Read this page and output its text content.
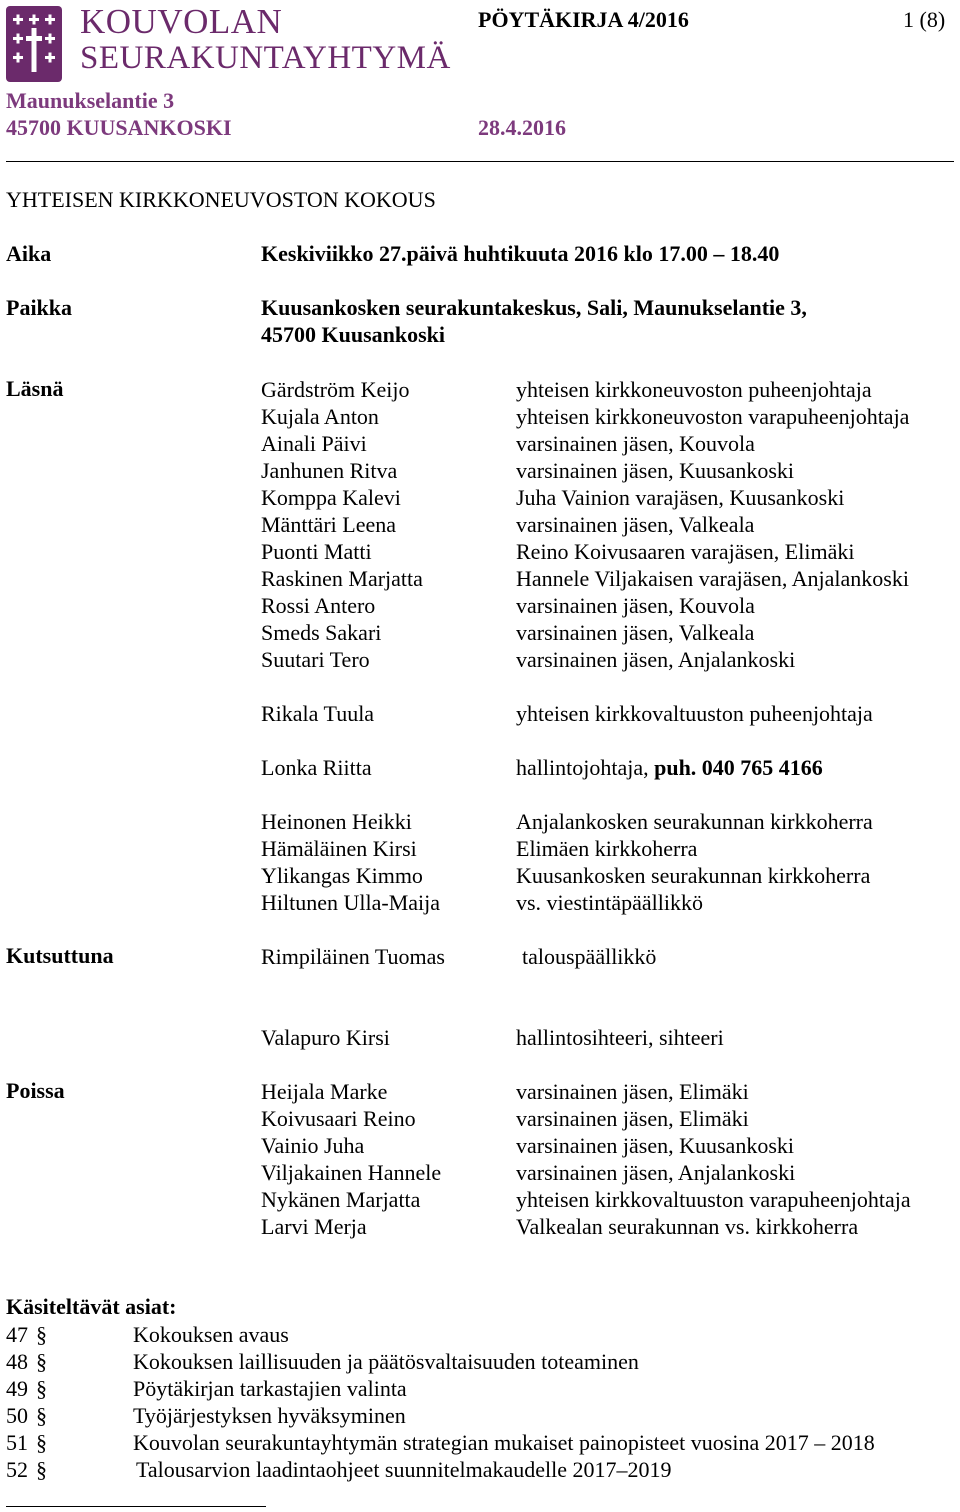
KOUVOLAN
SEURAKUNTAYHTYMÄ
PÖYTÄKIRJA 4/2016	1 (8)
Maunukselantie 3
45700 KUUSANKOSKI	28.4.2016
YHTEISEN KIRKKONEUVOSTON KOKOUS
Aika	Keskiviikko 27.päivä huhtikuuta 2016 klo 17.00 – 18.40
Paikka	Kuusankosken seurakuntakeskus, Sali, Maunukselantie 3,
45700 Kuusankoski
Läsnä	Gärdström Keijo	yhteisen kirkkoneuvoston puheenjohtaja
Kujala Anton	yhteisen kirkkoneuvoston varapuheenjohtaja
Ainali Päivi	varsinainen jäsen, Kouvola
Janhunen Ritva	varsinainen jäsen, Kuusankoski
Komppa Kalevi	Juha Vainion varajäsen, Kuusankoski
Mänttäri Leena	varsinainen jäsen, Valkeala
Puonti Matti	Reino Koivusaaren varajäsen, Elimäki
Raskinen Marjatta	Hannele Viljakaisen varajäsen, Anjalankoski
Rossi Antero	varsinainen jäsen, Kouvola
Smeds Sakari	varsinainen jäsen, Valkeala
Suutari Tero	varsinainen jäsen, Anjalankoski
Rikala Tuula	yhteisen kirkkovaltuuston puheenjohtaja
Lonka Riitta	hallintojohtaja, puh. 040 765 4166
Heinonen Heikki	Anjalankosken seurakunnan kirkkoherra
Hämäläinen Kirsi	Elimäen kirkkoherra
Ylikangas Kimmo	Kuusankosken seurakunnan kirkkoherra
Hiltunen Ulla-Maija	vs. viestintäpäällikkö
Kutsuttuna	Rimpiläinen Tuomas	talouspäällikkö
Valapuro Kirsi	hallintosihteeri, sihteeri
Poissa	Heijala Marke	varsinainen jäsen, Elimäki
Koivusaari Reino	varsinainen jäsen, Elimäki
Vainio Juha	varsinainen jäsen, Kuusankoski
Viljakainen Hannele	varsinainen jäsen, Anjalankoski
Nykänen Marjatta	yhteisen kirkkovaltuuston varapuheenjohtaja
Larvi Merja	Valkealan seurakunnan vs. kirkkoherra
Käsiteltävät asiat:
47 §	Kokouksen avaus
48 §	Kokouksen laillisuuden ja päätösvaltaisuuden toteaminen
49 §	Pöytäkirjan tarkastajien valinta
50 §	Työjärjestyksen hyväksyminen
51 §	Kouvolan seurakuntayhtymän strategian mukaiset painopisteet vuosina 2017 – 2018
52 §	Talousarvion laadintaohjeet suunnitelmakaudelle 2017–2019
